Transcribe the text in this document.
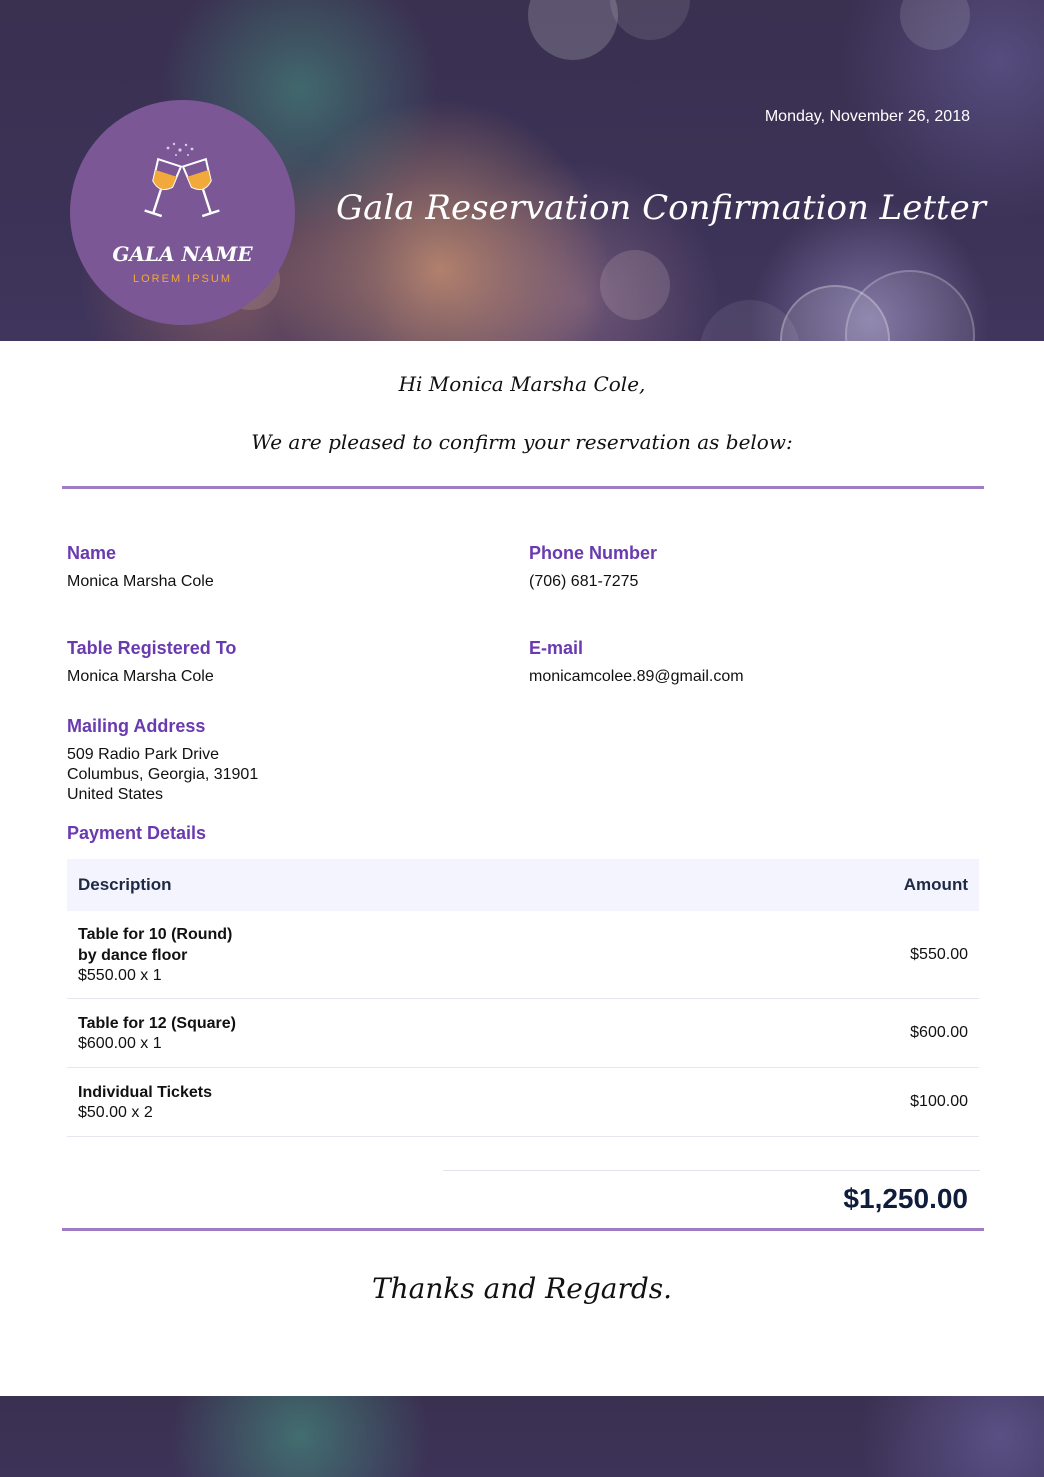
GALA NAME
LOREM IPSUM
Monday, November 26, 2018
Gala Reservation Confirmation Letter
Hi Monica Marsha Cole,
We are pleased to confirm your reservation as below:
Name
Monica Marsha Cole
Phone Number
(706) 681-7275
Table Registered To
Monica Marsha Cole
E-mail
monicamcolee.89@gmail.com
Mailing Address
509 Radio Park Drive
Columbus, Georgia, 31901
United States
Payment Details
Description	Amount
Table for 10 (Round)
by dance floor
$550.00 x 1
$550.00
Table for 12 (Square)
$600.00 x 1
$600.00
Individual Tickets
$50.00 x 2
$100.00
$1,250.00
Thanks and Regards.
